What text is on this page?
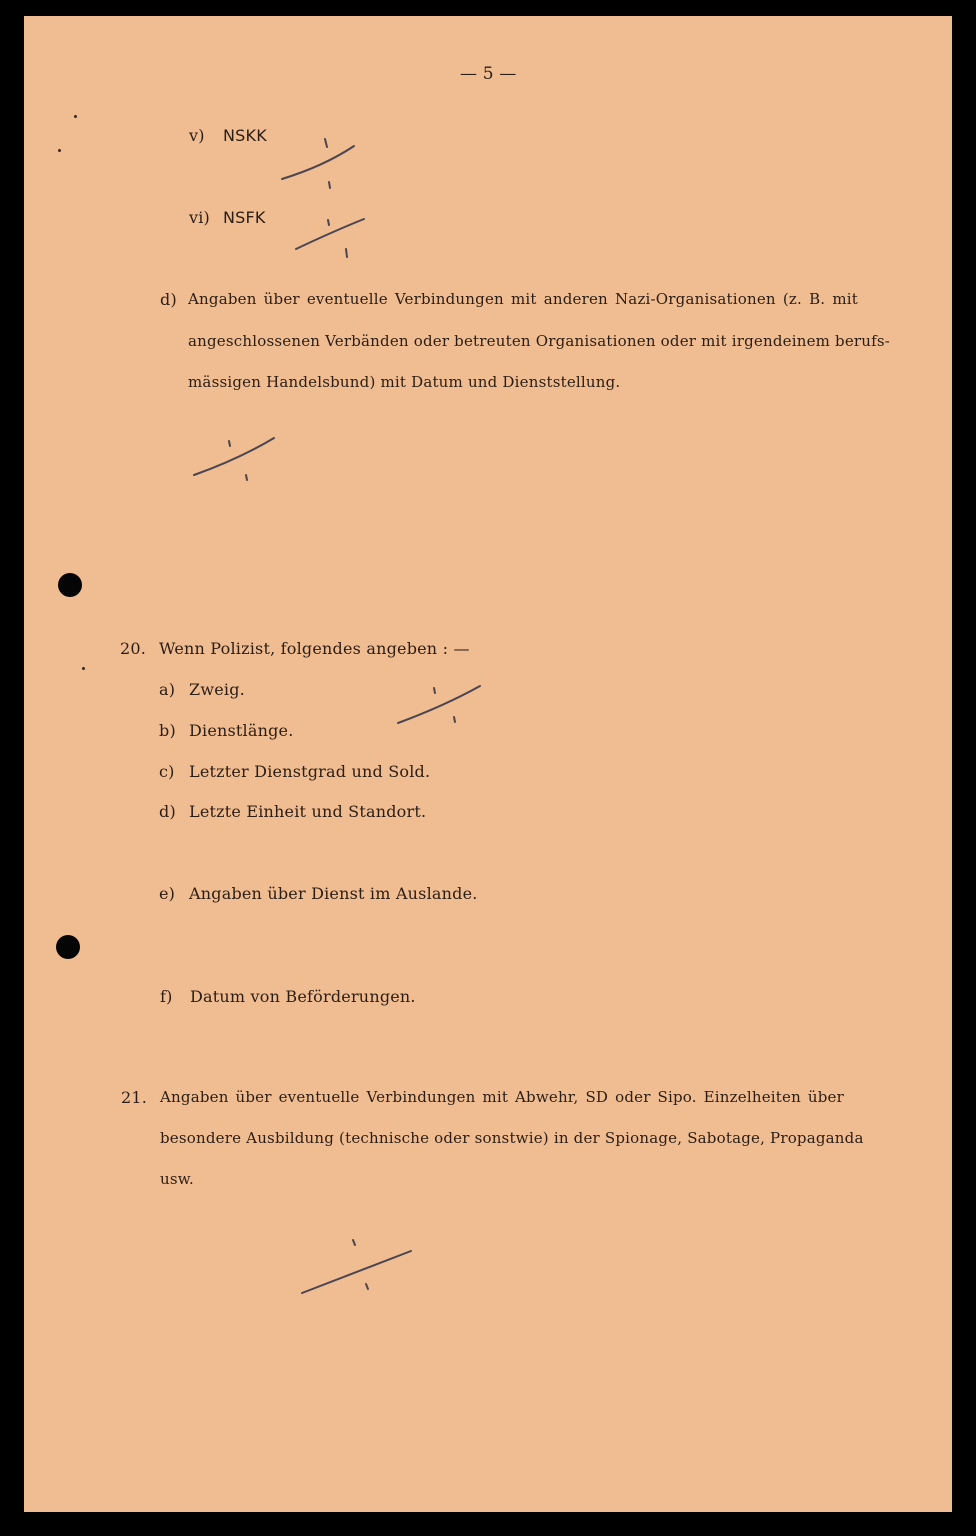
— 5 —
v) NSKK
vi) NSFK
d) Angaben über eventuelle Verbindungen mit anderen Nazi-Organisationen (z. B. mit
angeschlossenen Verbänden oder betreuten Organisationen oder mit irgendeinem berufs-
mässigen Handelsbund) mit Datum und Dienststellung.
20. Wenn Polizist, folgendes angeben : —
a) Zweig.
b) Dienstlänge.
c) Letzter Dienstgrad und Sold.
d) Letzte Einheit und Standort.
e) Angaben über Dienst im Auslande.
f) Datum von Beförderungen.
21. Angaben über eventuelle Verbindungen mit Abwehr, SD oder Sipo. Einzelheiten über
besondere Ausbildung (technische oder sonstwie) in der Spionage, Sabotage, Propaganda
usw.
